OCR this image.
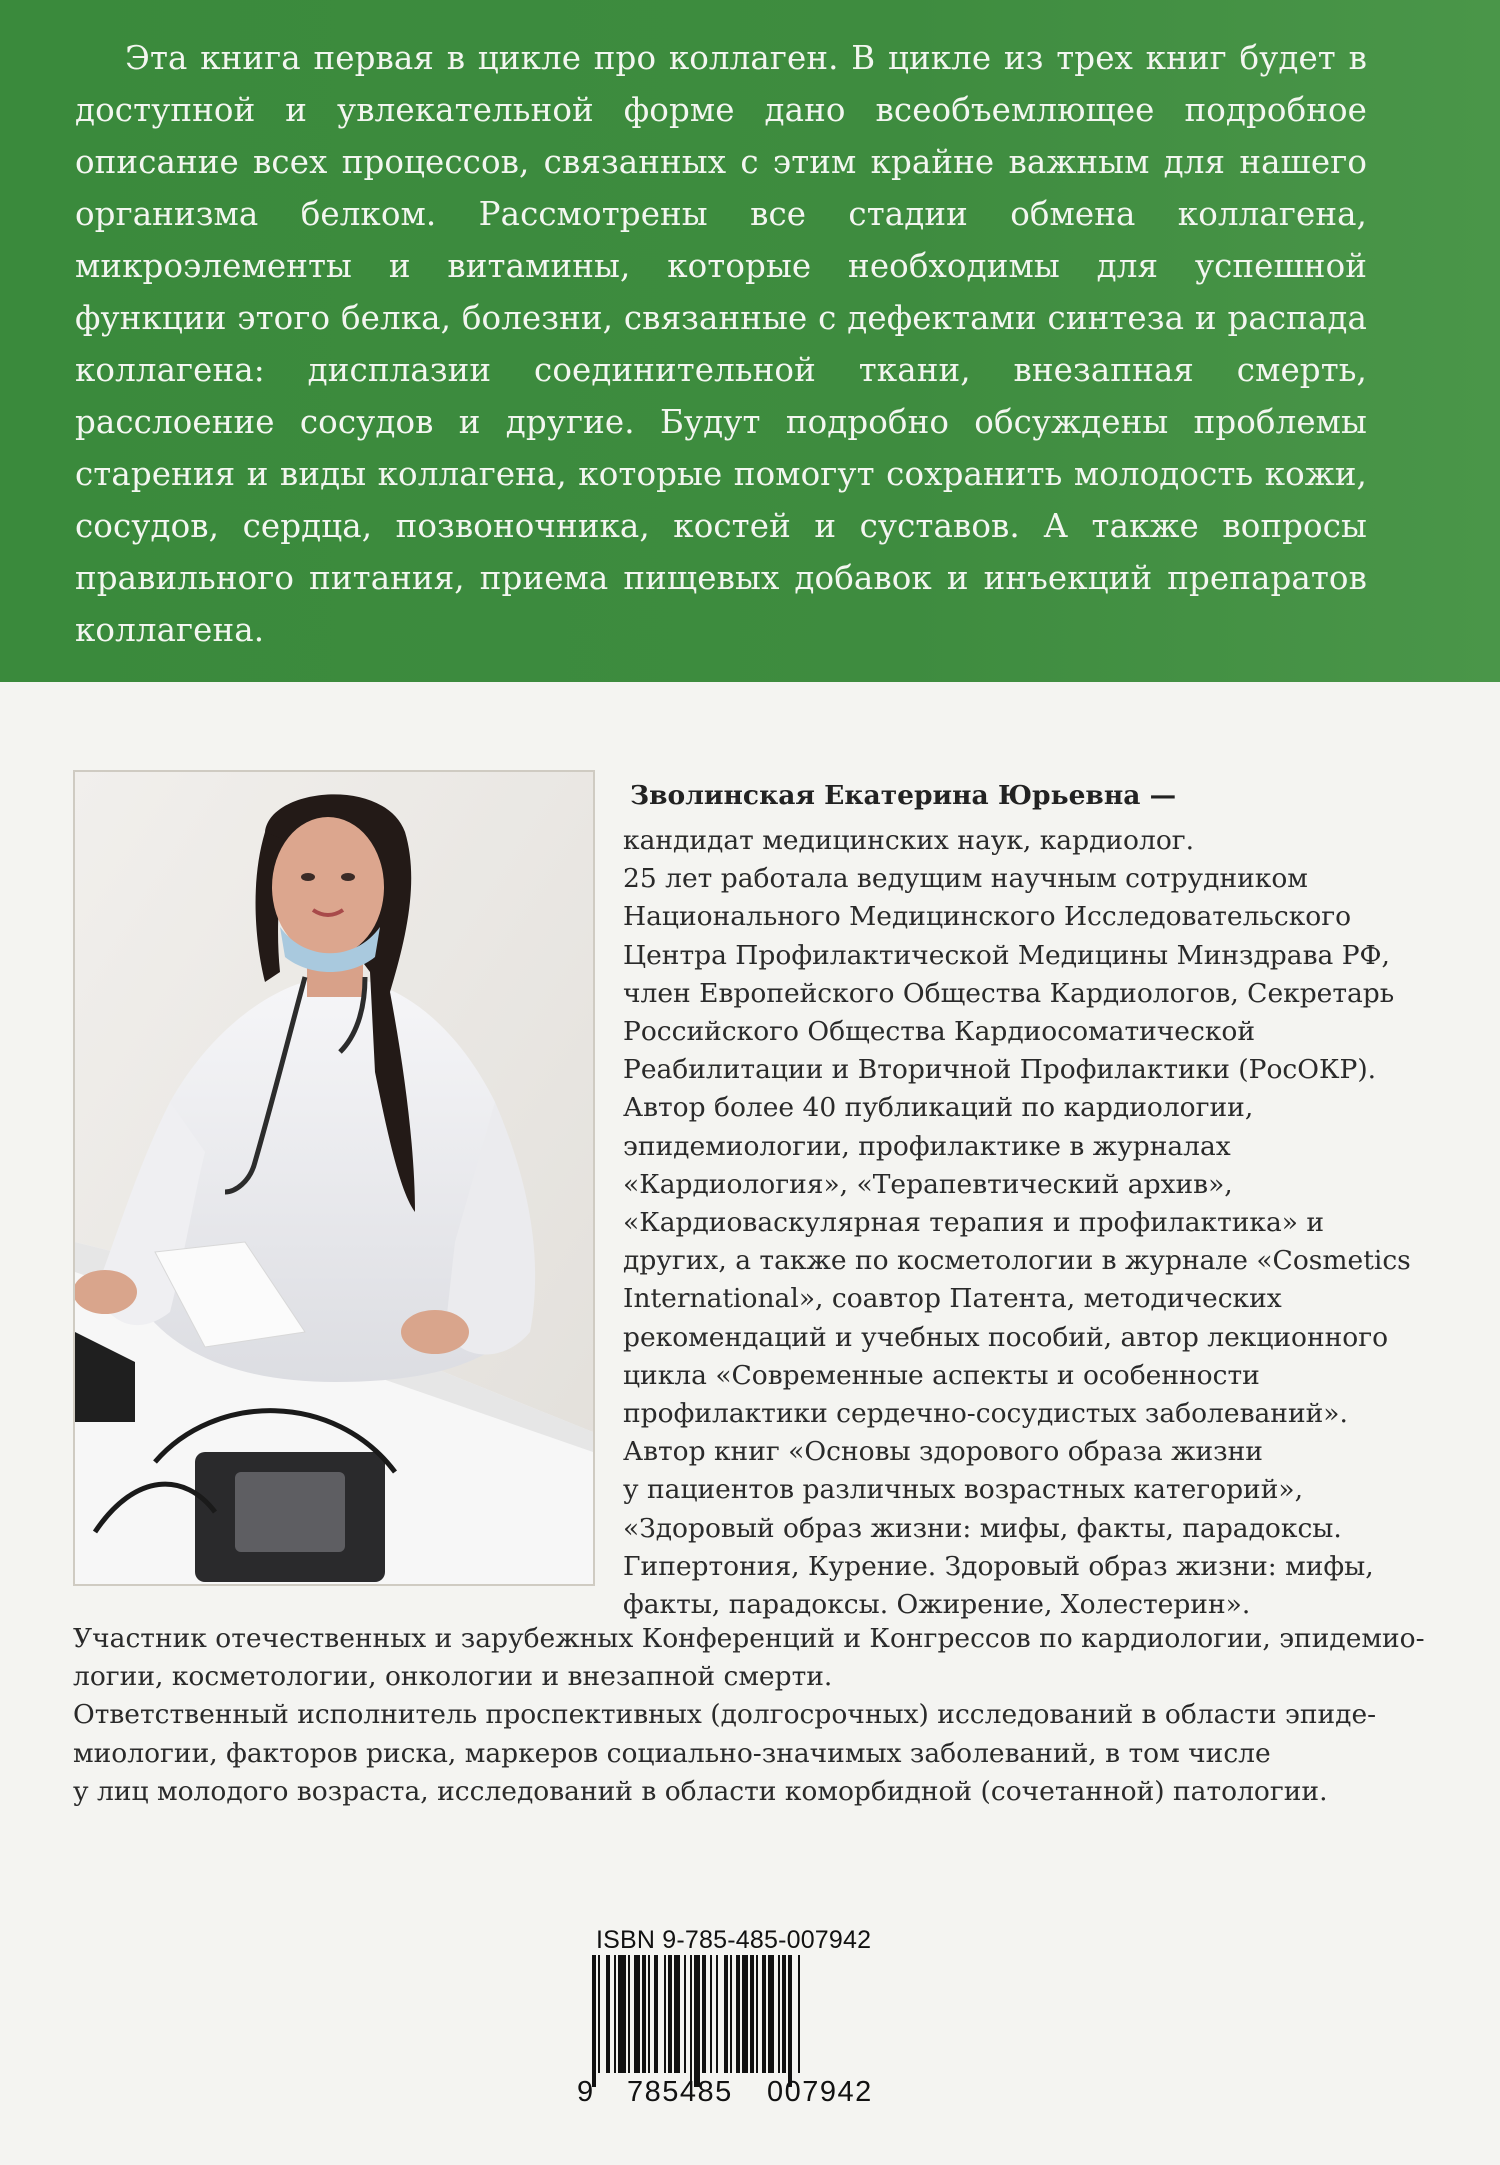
Эта книга первая в цикле про коллаген. В цикле из трех книг будет в доступной и увлекательной форме дано всеобъемлющее подробное описание всех процессов, связанных с этим крайне важным для нашего организма белком. Рассмотрены все стадии обмена коллагена, микроэлементы и витамины, которые необходимы для успешной функции этого белка, болезни, связанные с дефектами синтеза и распада коллагена: дисплазии соединительной ткани, внезапная смерть, расслоение сосудов и другие. Будут подробно обсуждены проблемы старения и виды коллагена, которые помогут сохранить молодость кожи, сосудов, сердца, позвоночника, костей и суставов. А также вопросы правильного питания, приема пищевых добавок и инъекций препаратов коллагена.

Зволинская Екатерина Юрьевна —
кандидат медицинских наук, кардиолог.
25 лет работала ведущим научным сотрудником
Национального Медицинского Исследовательского
Центра Профилактической Медицины Минздрава РФ,
член Европейского Общества Кардиологов, Секретарь
Российского Общества Кардиосоматической
Реабилитации и Вторичной Профилактики (РосОКР).
Автор более 40 публикаций по кардиологии,
эпидемиологии, профилактике в журналах
«Кардиология», «Терапевтический архив»,
«Кардиоваскулярная терапия и профилактика» и
других, а также по косметологии в журнале «Cosmetics
International», соавтор Патента, методических
рекомендаций и учебных пособий, автор лекционного
цикла «Современные аспекты и особенности
профилактики сердечно-сосудистых заболеваний».
Автор книг «Основы здорового образа жизни
у пациентов различных возрастных категорий»,
«Здоровый образ жизни: мифы, факты, парадоксы.
Гипертония, Курение. Здоровый образ жизни: мифы,
факты, парадоксы. Ожирение, Холестерин».
Участник отечественных и зарубежных Конференций и Конгрессов по кардиологии, эпидемио-
логии, косметологии, онкологии и внезапной смерти.
Ответственный исполнитель проспективных (долгосрочных) исследований в области эпиде-
миологии, факторов риска, маркеров социально-значимых заболеваний, в том числе
у лиц молодого возраста, исследований в области коморбидной (сочетанной) патологии.
ISBN 9-785-485-007942
9 785485 007942
